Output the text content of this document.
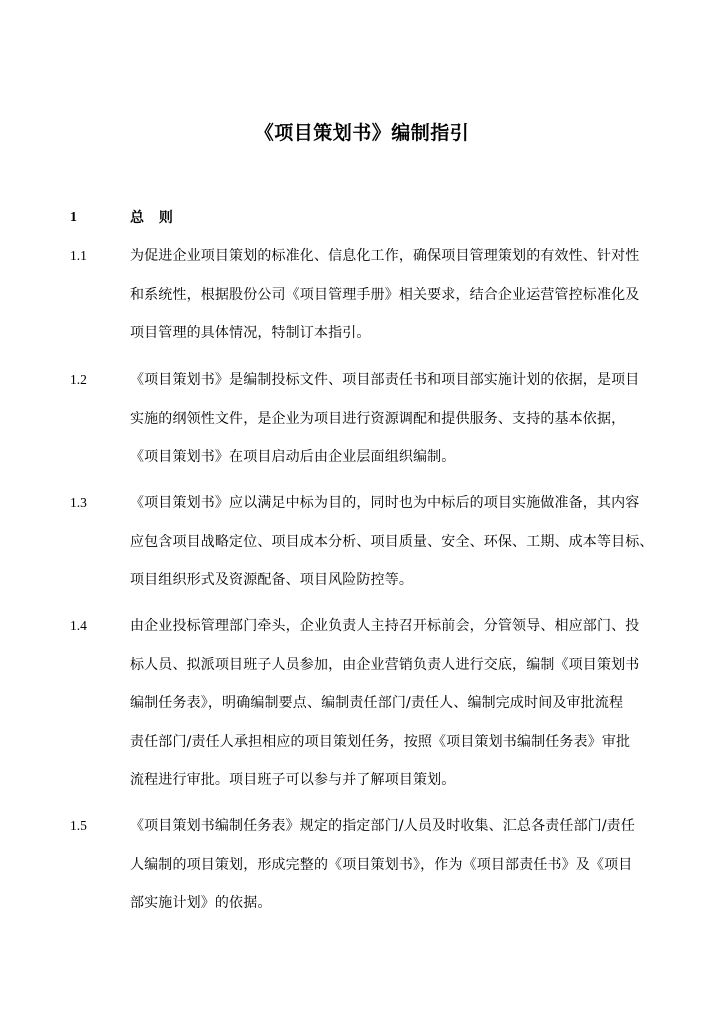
《项目策划书》编制指引
1	总 则
1.1	为促进企业项目策划的标准化、信息化工作，确保项目管理策划的有效性、针对性
和系统性，根据股份公司《项目管理手册》相关要求，结合企业运营管控标准化及
项目管理的具体情况，特制订本指引。
1.2	《项目策划书》是编制投标文件、项目部责任书和项目部实施计划的依据，是项目
实施的纲领性文件，是企业为项目进行资源调配和提供服务、支持的基本依据，
《项目策划书》在项目启动后由企业层面组织编制。
1.3	《项目策划书》应以满足中标为目的，同时也为中标后的项目实施做准备，其内容
应包含项目战略定位、项目成本分析、项目质量、安全、环保、工期、成本等目标、
项目组织形式及资源配备、项目风险防控等。
1.4	由企业投标管理部门牵头，企业负责人主持召开标前会，分管领导、相应部门、投
标人员、拟派项目班子人员参加，由企业营销负责人进行交底，编制《项目策划书
编制任务表》，明确编制要点、编制责任部门/责任人、编制完成时间及审批流程
责任部门/责任人承担相应的项目策划任务，按照《项目策划书编制任务表》审批
流程进行审批。项目班子可以参与并了解项目策划。
1.5	《项目策划书编制任务表》规定的指定部门/人员及时收集、汇总各责任部门/责任
人编制的项目策划，形成完整的《项目策划书》，作为《项目部责任书》及《项目
部实施计划》的依据。
